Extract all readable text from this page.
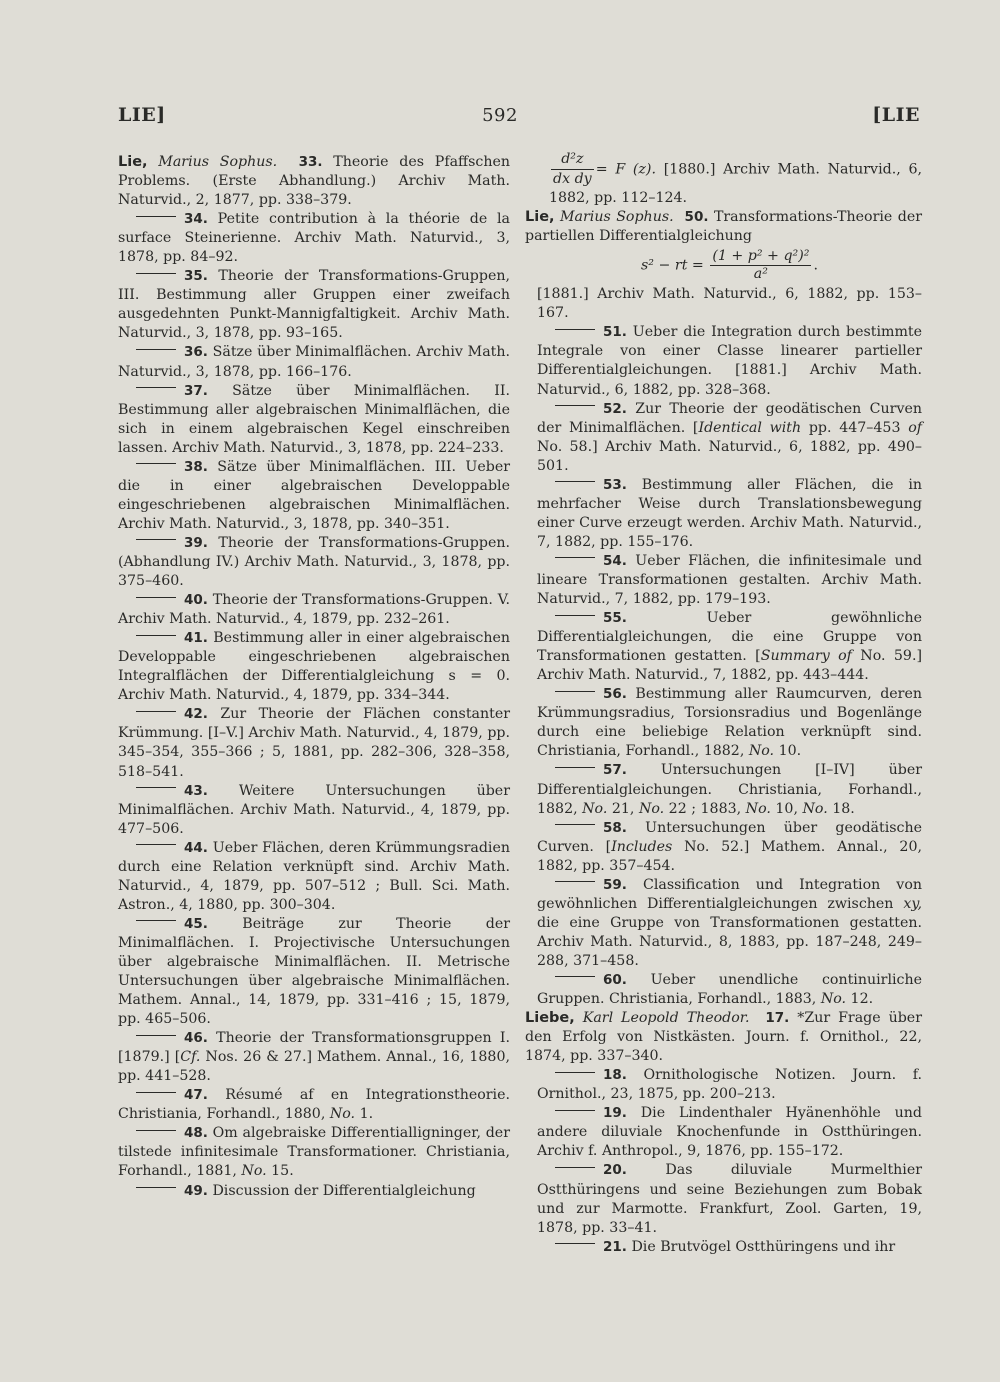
LIE]	592	[LIE

Lie, Marius Sophus. 33. Theorie des Pfaffschen Problems. (Erste Abhandlung.) Archiv Math. Naturvid., 2, 1877, pp. 338–379.

34. Petite contribution à la théorie de la surface Steinerienne. Archiv Math. Naturvid., 3, 1878, pp. 84–92.

35. Theorie der Transformations-Gruppen, III. Bestimmung aller Gruppen einer zweifach ausgedehnten Punkt-Mannigfaltigkeit. Archiv Math. Naturvid., 3, 1878, pp. 93–165.

36. Sätze über Minimalflächen. Archiv Math. Naturvid., 3, 1878, pp. 166–176.

37. Sätze über Minimalflächen. II. Bestimmung aller algebraischen Minimalflächen, die sich in einem algebraischen Kegel einschreiben lassen. Archiv Math. Naturvid., 3, 1878, pp. 224–233.

38. Sätze über Minimalflächen. III. Ueber die in einer algebraischen Developpable eingeschriebenen algebraischen Minimalflächen. Archiv Math. Naturvid., 3, 1878, pp. 340–351.

39. Theorie der Transformations-Gruppen. (Abhandlung IV.) Archiv Math. Naturvid., 3, 1878, pp. 375–460.

40. Theorie der Transformations-Gruppen. V. Archiv Math. Naturvid., 4, 1879, pp. 232–261.

41. Bestimmung aller in einer algebraischen Developpable eingeschriebenen algebraischen Integralflächen der Differentialgleichung s = 0. Archiv Math. Naturvid., 4, 1879, pp. 334–344.

42. Zur Theorie der Flächen constanter Krümmung. [I–V.] Archiv Math. Naturvid., 4, 1879, pp. 345–354, 355–366 ; 5, 1881, pp. 282–306, 328–358, 518–541.

43. Weitere Untersuchungen über Minimalflächen. Archiv Math. Naturvid., 4, 1879, pp. 477–506.

44. Ueber Flächen, deren Krümmungsradien durch eine Relation verknüpft sind. Archiv Math. Naturvid., 4, 1879, pp. 507–512 ; Bull. Sci. Math. Astron., 4, 1880, pp. 300–304.

45. Beiträge zur Theorie der Minimalflächen. I. Projectivische Untersuchungen über algebraische Minimalflächen. II. Metrische Untersuchungen über algebraische Minimalflächen. Mathem. Annal., 14, 1879, pp. 331–416 ; 15, 1879, pp. 465–506.

46. Theorie der Transformationsgruppen I. [1879.] [Cf. Nos. 26 & 27.] Mathem. Annal., 16, 1880, pp. 441–528.

47. Résumé af en Integrationstheorie. Christiania, Forhandl., 1880, No. 1.

48. Om algebraiske Differentialligninger, der tilstede infinitesimale Transformationer. Christiania, Forhandl., 1881, No. 15.

49. Discussion der Differentialgleichung

$\frac{\text{d²z}}{\text{dx dy}} = F$ (z). [1880.] Archiv Math. Naturvid., 6, 1882, pp. 112–124.

Lie, Marius Sophus. 50. Transformations-Theorie der partiellen Differentialgleichung

s² − rt = $\frac{\text{(1 + p² + q²)²}}{\text{a²}}$ .

[1881.] Archiv Math. Naturvid., 6, 1882, pp. 153–167.

51. Ueber die Integration durch bestimmte Integrale von einer Classe linearer partieller Differentialgleichungen. [1881.] Archiv Math. Naturvid., 6, 1882, pp. 328–368.

52. Zur Theorie der geodätischen Curven der Minimalflächen. [Identical with pp. 447–453 of No. 58.] Archiv Math. Naturvid., 6, 1882, pp. 490–501.

53. Bestimmung aller Flächen, die in mehrfacher Weise durch Translationsbewegung einer Curve erzeugt werden. Archiv Math. Naturvid., 7, 1882, pp. 155–176.

54. Ueber Flächen, die infinitesimale und lineare Transformationen gestalten. Archiv Math. Naturvid., 7, 1882, pp. 179–193.

55.	Ueber gewöhnliche Differentialgleichungen, die eine Gruppe von Transformationen gestatten. [Summary of No. 59.] Archiv Math. Naturvid., 7, 1882, pp. 443–444.

56. Bestimmung aller Raumcurven, deren Krümmungsradius, Torsionsradius und Bogenlänge durch eine beliebige Relation verknüpft sind. Christiania, Forhandl., 1882, No. 10.

57. Untersuchungen [I–IV] über Differentialgleichungen. Christiania, Forhandl., 1882, No. 21, No. 22 ; 1883, No. 10, No. 18.

58. Untersuchungen über geodätische Curven. [Includes No. 52.] Mathem. Annal., 20, 1882, pp. 357–454.

59. Classification und Integration von gewöhnlichen Differentialgleichungen zwischen xy, die eine Gruppe von Transformationen gestatten. Archiv Math. Naturvid., 8, 1883, pp. 187–248, 249–288, 371–458.

60. Ueber unendliche continuirliche Gruppen. Christiania, Forhandl., 1883, No. 12.

Liebe, Karl Leopold Theodor. 17. *Zur Frage über den Erfolg von Nistkästen. Journ. f. Ornithol., 22, 1874, pp. 337–340.

18. Ornithologische Notizen. Journ. f. Ornithol., 23, 1875, pp. 200–213.

19. Die Lindenthaler Hyänenhöhle und andere diluviale Knochenfunde in Ostthüringen. Archiv f. Anthropol., 9, 1876, pp. 155–172.

20.	Das diluviale Murmelthier Ostthüringens und seine Beziehungen zum Bobak und zur Marmotte. Frankfurt, Zool. Garten, 19, 1878, pp. 33–41.

21. Die Brutvögel Ostthüringens und ihr
